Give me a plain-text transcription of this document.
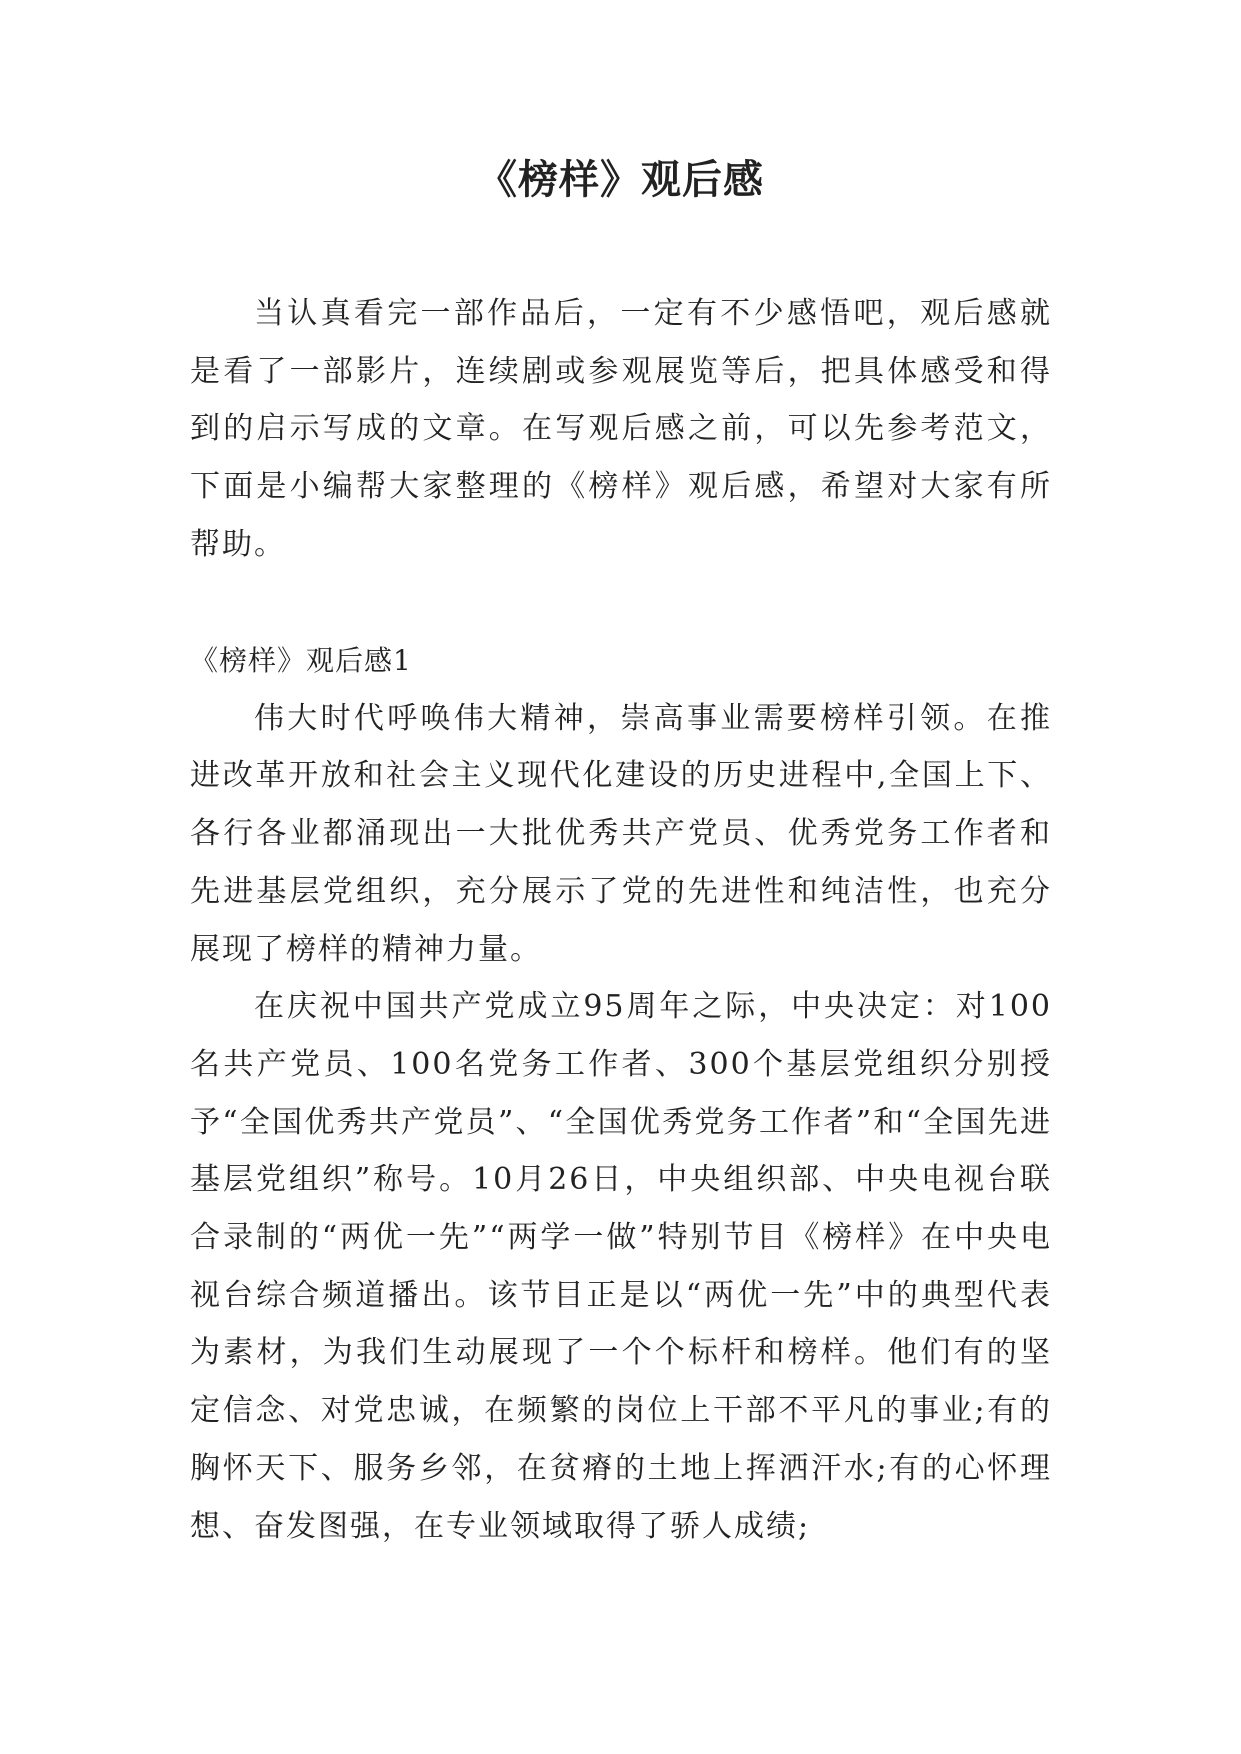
《榜样》观后感

当认真看完一部作品后，一定有不少感悟吧，观后感就是看了一部影片，连续剧或参观展览等后，把具体感受和得到的启示写成的文章。在写观后感之前，可以先参考范文，下面是小编帮大家整理的《榜样》观后感，希望对大家有所帮助。

《榜样》观后感1

伟大时代呼唤伟大精神，崇高事业需要榜样引领。在推进改革开放和社会主义现代化建设的历史进程中,全国上下、各行各业都涌现出一大批优秀共产党员、优秀党务工作者和先进基层党组织，充分展示了党的先进性和纯洁性，也充分展现了榜样的精神力量。

在庆祝中国共产党成立95周年之际，中央决定：对100名共产党员、100名党务工作者、300个基层党组织分别授予“全国优秀共产党员”、“全国优秀党务工作者”和“全国先进基层党组织”称号。10月26日，中央组织部、中央电视台联合录制的“两优一先”“两学一做”特别节目《榜样》在中央电视台综合频道播出。该节目正是以“两优一先”中的典型代表为素材，为我们生动展现了一个个标杆和榜样。他们有的坚定信念、对党忠诚，在频繁的岗位上干部不平凡的事业;有的胸怀天下、服务乡邻，在贫瘠的土地上挥洒汗水;有的心怀理想、奋发图强，在专业领域取得了骄人成绩;
